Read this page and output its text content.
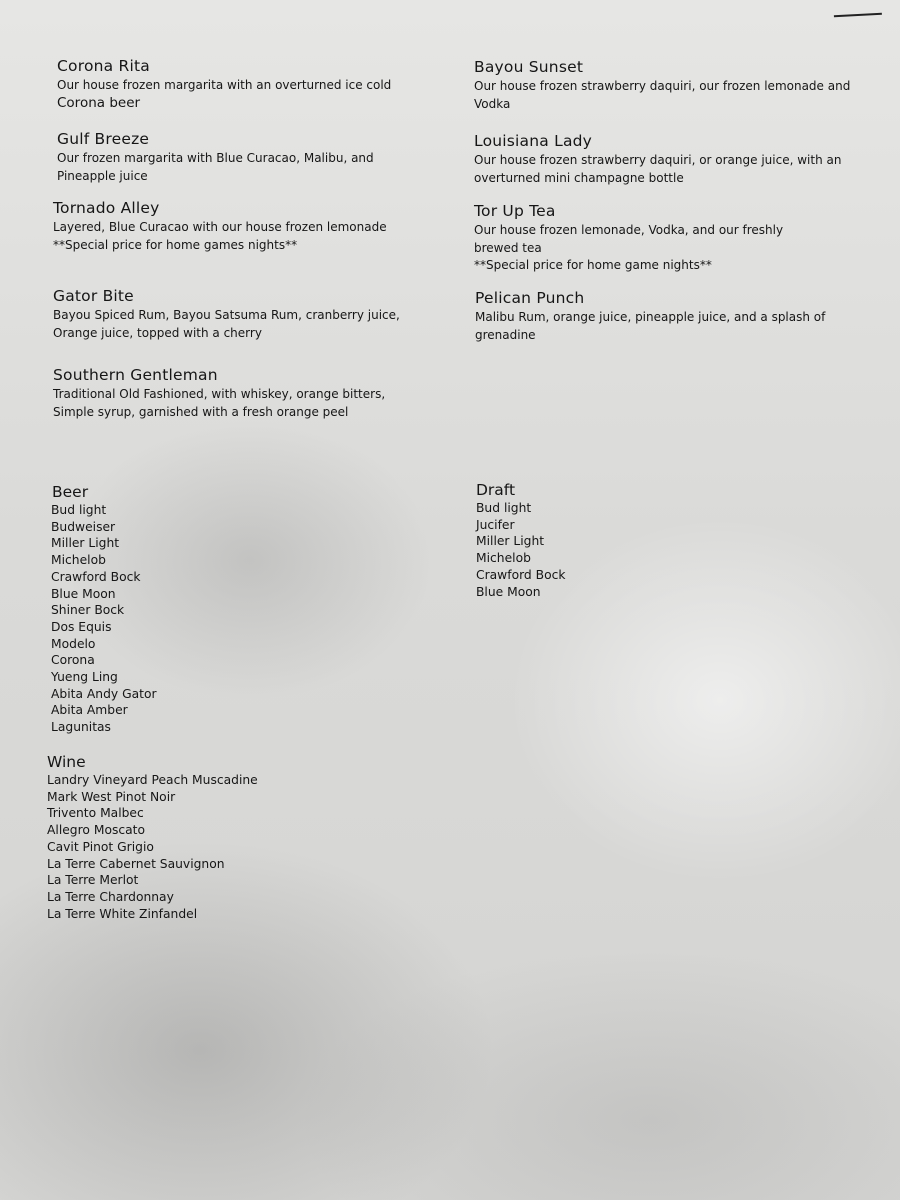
Corona Rita

Our house frozen margarita with an overturned ice cold

Corona beer

Gulf Breeze

Our frozen margarita with Blue Curacao, Malibu, and

Pineapple juice

Tornado Alley

Layered, Blue Curacao with our house frozen lemonade

**Special price for home games nights**

Gator Bite

Bayou Spiced Rum, Bayou Satsuma Rum, cranberry juice,

Orange juice, topped with a cherry

Southern Gentleman

Traditional Old Fashioned, with whiskey, orange bitters,

Simple syrup, garnished with a fresh orange peel

Bayou Sunset

Our house frozen strawberry daquiri, our frozen lemonade and

Vodka

Louisiana Lady

Our house frozen strawberry daquiri, or orange juice, with an

overturned mini champagne bottle

Tor Up Tea

Our house frozen lemonade, Vodka, and our freshly

brewed tea

**Special price for home game nights**

Pelican Punch

Malibu Rum, orange juice, pineapple juice, and a splash of

grenadine

Beer
Bud light
Budweiser
Miller Light
Michelob
Crawford Bock
Blue Moon
Shiner Bock
Dos Equis
Modelo
Corona
Yueng Ling
Abita Andy Gator
Abita Amber
Lagunitas
Draft
Bud light
Jucifer
Miller Light
Michelob
Crawford Bock
Blue Moon
Wine
Landry Vineyard Peach Muscadine
Mark West Pinot Noir
Trivento Malbec
Allegro Moscato
Cavit Pinot Grigio
La Terre Cabernet Sauvignon
La Terre Merlot
La Terre Chardonnay
La Terre White Zinfandel
